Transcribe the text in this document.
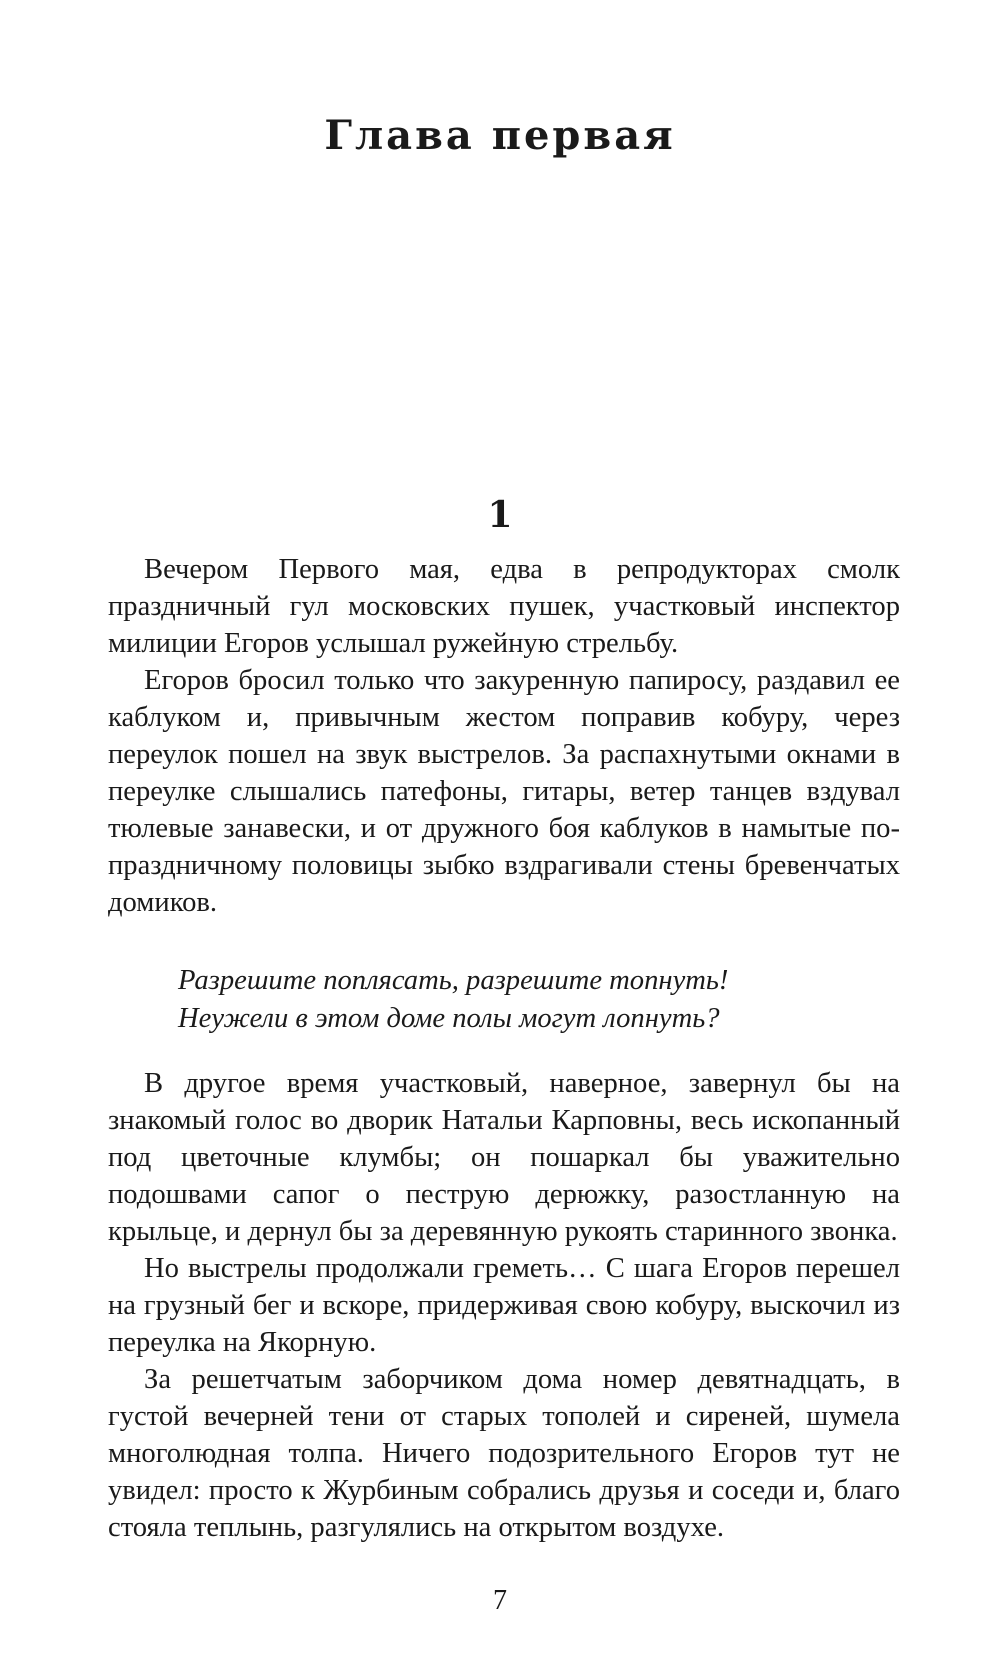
Глава первая
1

Вечером Первого мая, едва в репродукторах смолк праздничный гул московских пушек, участковый инспектор милиции Егоров услышал ружейную стрельбу.

Егоров бросил только что закуренную папиросу, раздавил ее каблуком и, привычным жестом поправив кобуру, через переулок пошел на звук выстрелов. За распахнутыми окнами в переулке слышались патефоны, гитары, ветер танцев вздувал тюлевые занавески, и от дружного боя каблуков в намытые по-праздничному половицы зыбко вздрагивали стены бревенчатых домиков.

Разрешите поплясать, разрешите топнуть!
Неужели в этом доме полы могут лопнуть?

В другое время участковый, наверное, завернул бы на знакомый голос во дворик Натальи Карповны, весь ископанный под цветочные клумбы; он пошаркал бы уважительно подошвами сапог о пеструю дерюжку, разостланную на крыльце, и дернул бы за деревянную рукоять старинного звонка.

Но выстрелы продолжали греметь… С шага Егоров перешел на грузный бег и вскоре, придерживая свою кобуру, выскочил из переулка на Якорную.

За решетчатым заборчиком дома номер девятнадцать, в густой вечерней тени от старых тополей и сиреней, шумела многолюдная толпа. Ничего подозрительного Егоров тут не увидел: просто к Журбиным собрались друзья и соседи и, благо стояла теплынь, разгулялись на открытом воздухе.

7
